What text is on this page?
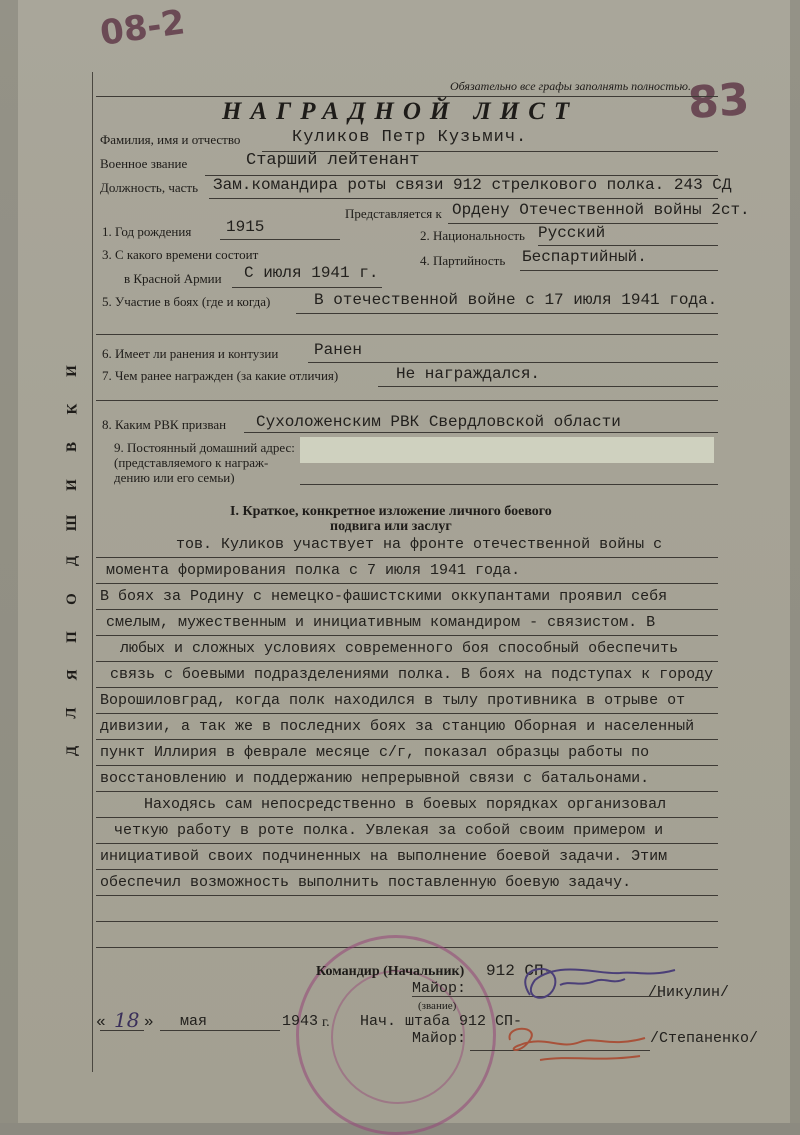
08-2
83
Д
Л
Я
П
О
Д
Ш
И
В
К
И
Обязательно все графы заполнять полностью.
НАГРАДНОЙ ЛИСТ
Фамилия, имя и отчество	Куликов Петр Кузьмич.
Военное звание	Старший лейтенант
Должность, часть Зам.командира роты связи 912 стрелкового полка. 243 СД
Представляется к Ордену Отечественной войны 2ст.
1. Год рождения 1915	2. Национальность Русский
3. С какого времени состоит
в Красной Армии С июля 1941 г.
4. Партийность Беспартийный.
5. Участие в боях (где и когда)	В отечественной войне с 17 июля 1941 года.
6. Имеет ли ранения и контузии Ранен
7. Чем ранее награжден (за какие отличия)	Не награждался.
8. Каким РВК призван Сухоложенским РВК Свердловской области
9. Постоянный домашний адрес:
(представляемого к награж-
дению или его семьи)
I. Краткое, конкретное изложение личного боевого
подвига или заслуг
тов. Куликов участвует на фронте отечественной войны с
момента формирования полка с 7 июля 1941 года.
В боях за Родину с немецко-фашистскими оккупантами проявил себя
смелым, мужественным и инициативным командиром - связистом. В
любых и сложных условиях современного боя способный обеспечить
связь с боевыми подразделениями полка. В боях на подступах к городу
Ворошиловград, когда полк находился в тылу противника в отрыве от
дивизии, а так же в последних боях за станцию Оборная и населенный
пункт Иллирия в феврале месяце с/г, показал образцы работы по
восстановлению и поддержанию непрерывной связи с батальонами.
Находясь сам непосредственно в боевых порядках организовал
четкую работу в роте полка. Увлекая за собой своим примером и
инициативой своих подчиненных на выполнение боевой задачи. Этим
обеспечил возможность выполнить поставленную боевую задачу.
Командир (Начальник) 912 СП-
Майор:	/Никулин/
(звание)
« 18 » мая	1943 г. Нач. штаба 912 СП-
Майор:	/Степаненко/
